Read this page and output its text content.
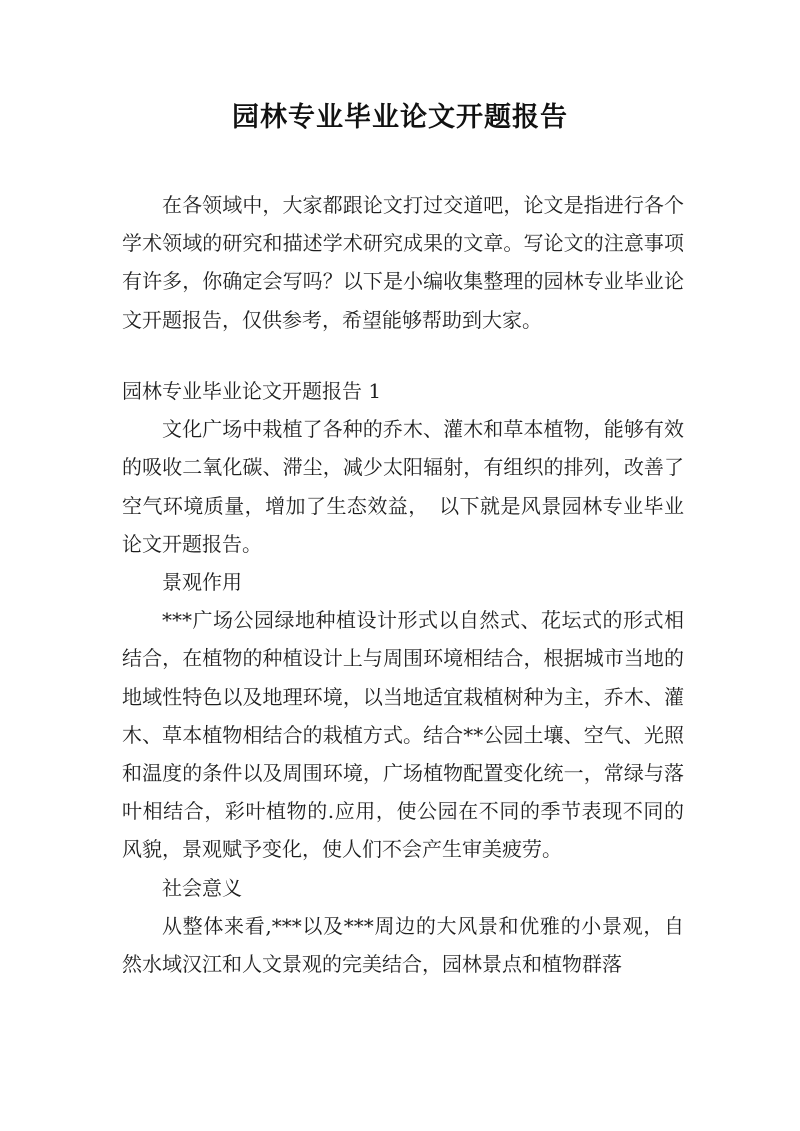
园林专业毕业论文开题报告

在各领域中，大家都跟论文打过交道吧，论文是指进行各个学术领域的研究和描述学术研究成果的文章。写论文的注意事项有许多，你确定会写吗？以下是小编收集整理的园林专业毕业论文开题报告，仅供参考，希望能够帮助到大家。

园林专业毕业论文开题报告 1

文化广场中栽植了各种的乔木、灌木和草本植物，能够有效的吸收二氧化碳、滞尘，减少太阳辐射，有组织的排列，改善了空气环境质量，增加了生态效益，　以下就是风景园林专业毕业论文开题报告。

景观作用

***广场公园绿地种植设计形式以自然式、花坛式的形式相结合，在植物的种植设计上与周围环境相结合，根据城市当地的地域性特色以及地理环境，以当地适宜栽植树种为主，乔木、灌木、草本植物相结合的栽植方式。结合**公园土壤、空气、光照和温度的条件以及周围环境，广场植物配置变化统一，常绿与落叶相结合，彩叶植物的.应用，使公园在不同的季节表现不同的风貌，景观赋予变化，使人们不会产生审美疲劳。

社会意义

从整体来看,***以及***周边的大风景和优雅的小景观，自然水域汉江和人文景观的完美结合，园林景点和植物群落
